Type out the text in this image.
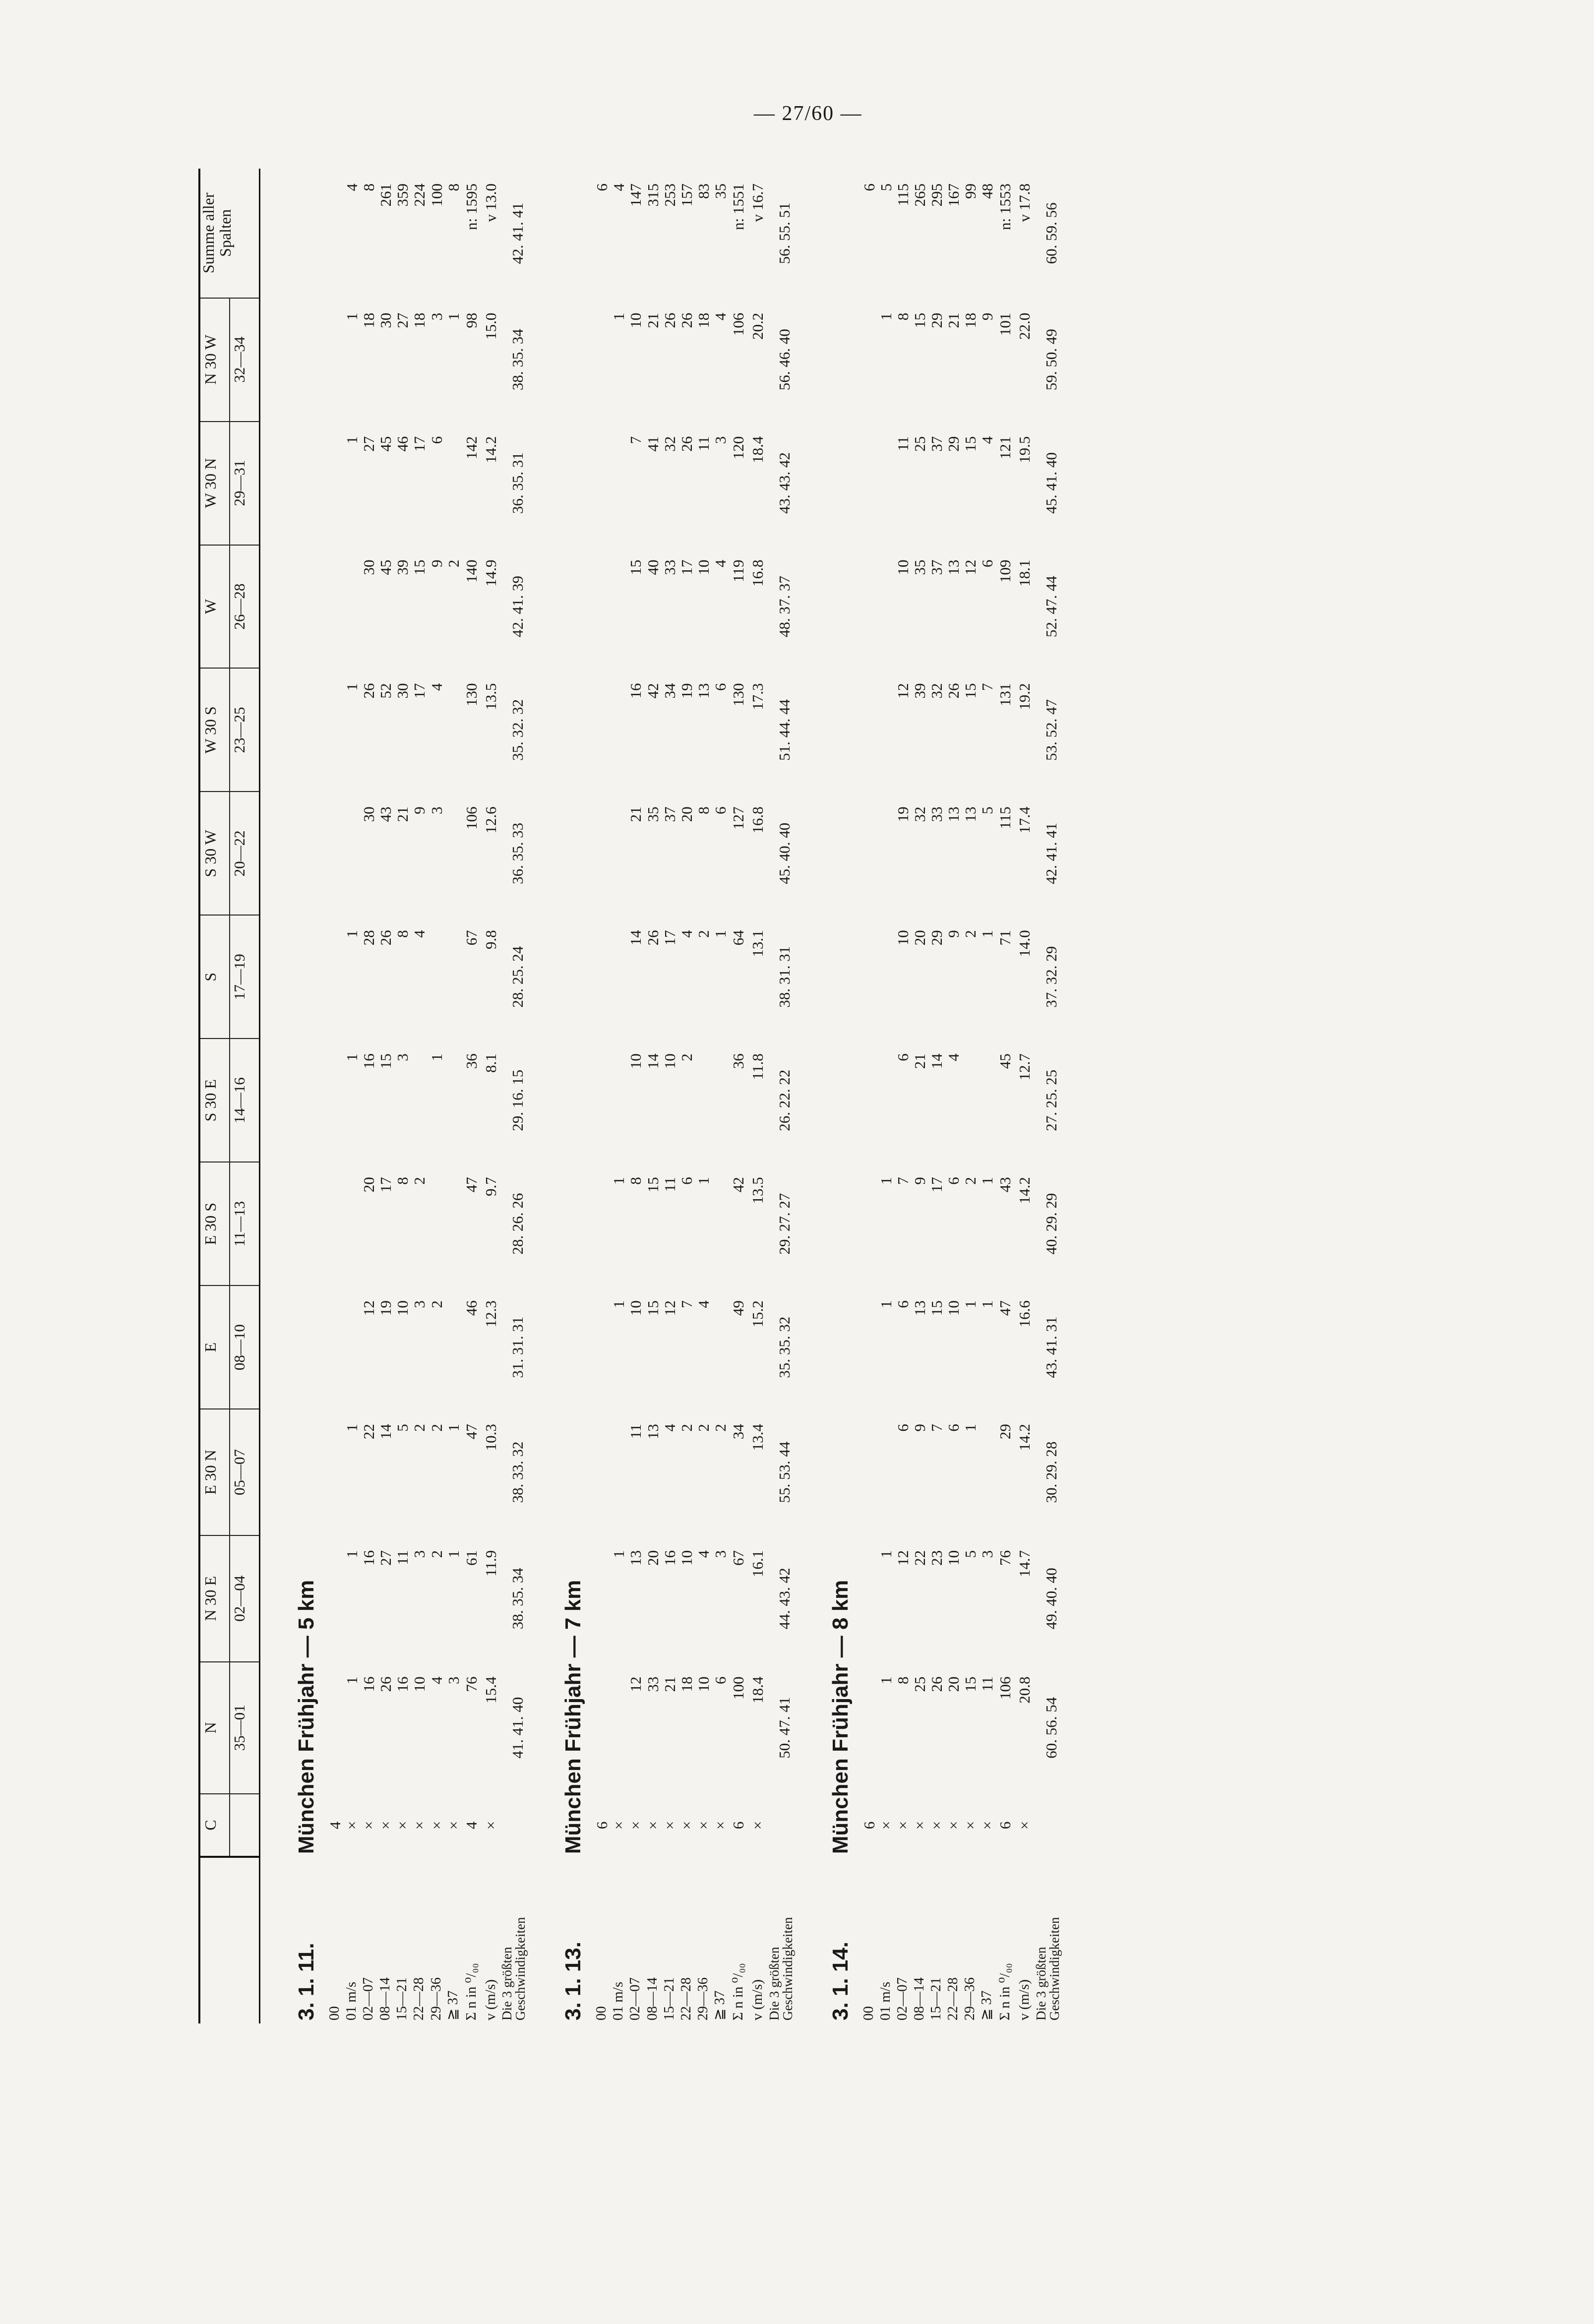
— 27/60 —

	C	N	N 30 E	E 30 N	E	E 30 S	S 30 E	S	S 30 W	W 30 S	W	W 30 N	N 30 W	Summe aller Spalten
		35—01	02—04	05—07	08—10	11—13	14—16	17—19	20—22	23—25	26—28	29—31	32—34	

3. 1. 11.	München Frühjahr — 5 km													
00	4													
01 m/s	×	1	1	1			1	1		1		1	1	4
02—07	×	16	16	22	12	20	16	28	30	26	30	27	18	8
08—14	×	26	27	14	19	17	15	26	43	52	45	45	30	261
15—21	×	16	11	5	10	8	3	8	21	30	39	46	27	359
22—28	×	10	3	2	3	2		4	9	17	15	17	18	224
29—36	×	4	2	2	2		1		3	4	9	6	3	100
≧ 37	×	3	1	1							2		1	8
Σ n in ⁰/₀₀	4	76	61	47	46	47	36	67	106	130	140	142	98	n: 1595
v (m/s)	×	15.4	11.9	10.3	12.3	9.7	8.1	9.8	12.6	13.5	14.9	14.2	15.0	v 13.0

Die 3 größten
Geschwindigkeiten		41. 41. 40	38. 35. 34	38. 33. 32	31. 31. 31	28. 26. 26	29. 16. 15	28. 25. 24	36. 35. 33	35. 32. 32	42. 41. 39	36. 35. 31	38. 35. 34	42. 41. 41
3. 1. 13.	München Frühjahr — 7 km													
00	6													6
01 m/s	×		1		1	1							1	4
02—07	×	12	13	11	10	8	10	14	21	16	15	7	10	147
08—14	×	33	20	13	15	15	14	26	35	42	40	41	21	315
15—21	×	21	16	4	12	11	10	17	37	34	33	32	26	253
22—28	×	18	10	2	7	6	2	4	20	19	17	26	26	157
29—36	×	10	4	2	4	1		2	8	13	10	11	18	83
≧ 37	×	6	3	2				1	6	6	4	3	4	35
Σ n in ⁰/₀₀	6	100	67	34	49	42	36	64	127	130	119	120	106	n: 1551
v (m/s)	×	18.4	16.1	13.4	15.2	13.5	11.8	13.1	16.8	17.3	16.8	18.4	20.2	v 16.7

Die 3 größten
Geschwindigkeiten		50. 47. 41	44. 43. 42	55. 53. 44	35. 35. 32	29. 27. 27	26. 22. 22	38. 31. 31	45. 40. 40	51. 44. 44	48. 37. 37	43. 43. 42	56. 46. 40	56. 55. 51
3. 1. 14.	München Frühjahr — 8 km													
00	6													6
01 m/s	×	1	1		1	1							1	5
02—07	×	8	12	6	6	7	6	10	19	12	10	11	8	115
08—14	×	25	22	9	13	9	21	20	32	39	35	25	15	265
15—21	×	26	23	7	15	17	14	29	33	32	37	37	29	295
22—28	×	20	10	6	10	6	4	9	13	26	13	29	21	167
29—36	×	15	5	1	1	2		2	13	15	12	15	18	99
≧ 37	×	11	3		1	1		1	5	7	6	4	9	48
Σ n in ⁰/₀₀	6	106	76	29	47	43	45	71	115	131	109	121	101	n: 1553
v (m/s)	×	20.8	14.7	14.2	16.6	14.2	12.7	14.0	17.4	19.2	18.1	19.5	22.0	v 17.8

Die 3 größten
Geschwindigkeiten		60. 56. 54	49. 40. 40	30. 29. 28	43. 41. 31	40. 29. 29	27. 25. 25	37. 32. 29	42. 41. 41	53. 52. 47	52. 47. 44	45. 41. 40	59. 50. 49	60. 59. 56
